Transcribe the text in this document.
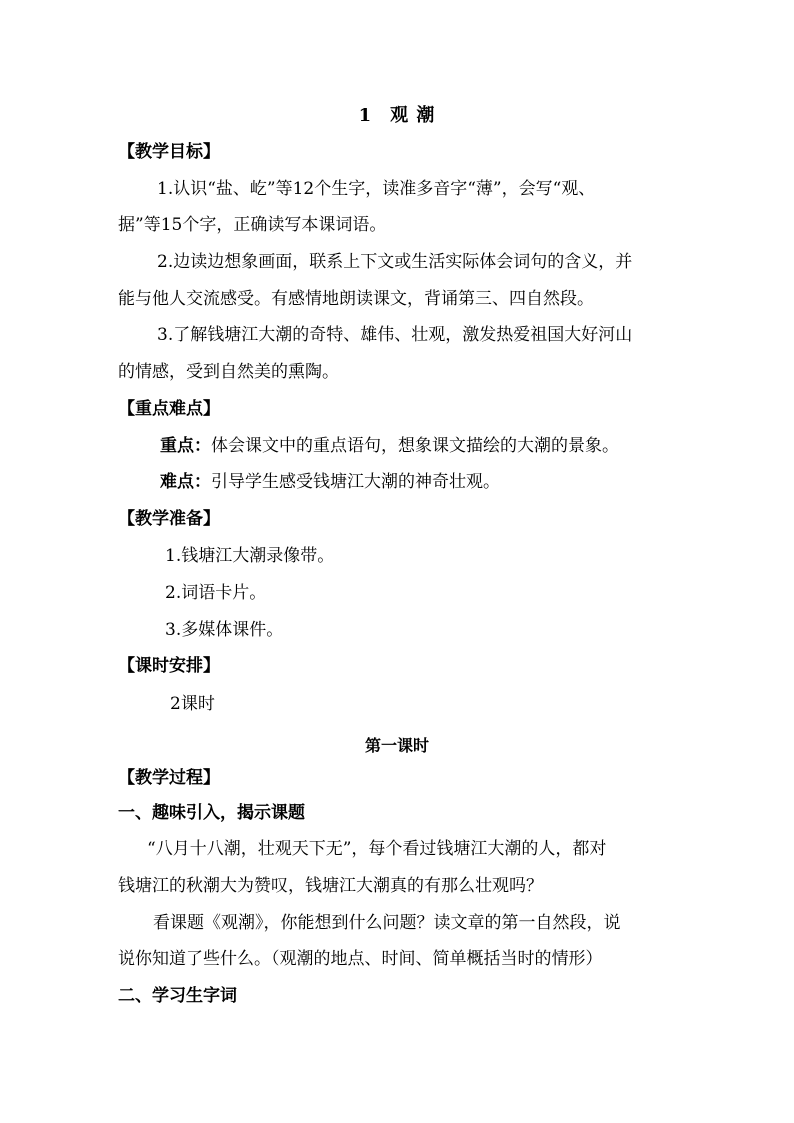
1 观 潮
【教学目标】
1.认识“盐、屹”等12个生字，读准多音字“薄”，会写“观、
据”等15个字，正确读写本课词语。
2.边读边想象画面，联系上下文或生活实际体会词句的含义，并
能与他人交流感受。有感情地朗读课文，背诵第三、四自然段。
3.了解钱塘江大潮的奇特、雄伟、壮观，激发热爱祖国大好河山
的情感，受到自然美的熏陶。
【重点难点】
重点：体会课文中的重点语句，想象课文描绘的大潮的景象。
难点：引导学生感受钱塘江大潮的神奇壮观。
【教学准备】
1.钱塘江大潮录像带。
2.词语卡片。
3.多媒体课件。
【课时安排】
2课时
第一课时
【教学过程】
一、趣味引入，揭示课题
“八月十八潮，壮观天下无”，每个看过钱塘江大潮的人，都对
钱塘江的秋潮大为赞叹，钱塘江大潮真的有那么壮观吗？
看课题《观潮》，你能想到什么问题？读文章的第一自然段，说
说你知道了些什么。（观潮的地点、时间、简单概括当时的情形）
二、学习生字词
